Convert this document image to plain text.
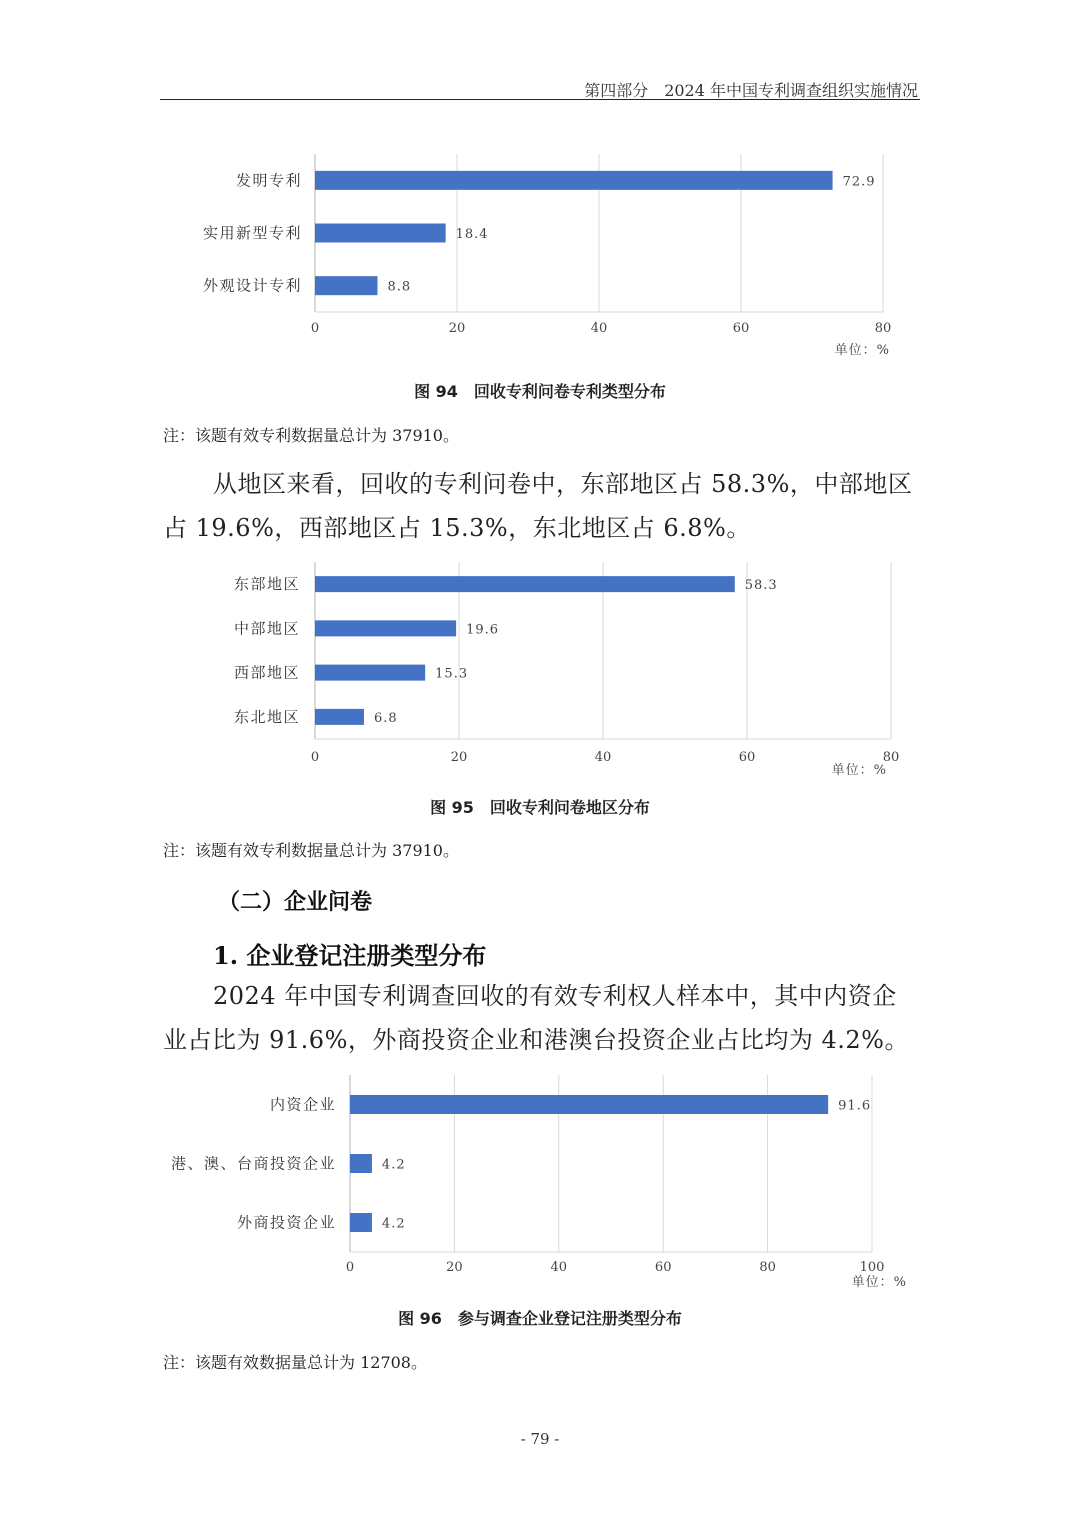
第四部分　2024 年中国专利调查组织实施情况
0	20	40	60	80
发明专利	72.9
实用新型专利	18.4
外观设计专利	8.8
单位：%
图 94　回收专利问卷专利类型分布
注：该题有效专利数据量总计为 37910。
从地区来看，回收的专利问卷中，东部地区占 58.3%，中部地区
占 19.6%，西部地区占 15.3%，东北地区占 6.8%。
0	20	40	60	80
东部地区	58.3
中部地区	19.6
西部地区	15.3
东北地区	6.8
单位：%
图 95　回收专利问卷地区分布
注：该题有效专利数据量总计为 37910。
（二）企业问卷
1. 企业登记注册类型分布
2024 年中国专利调查回收的有效专利权人样本中，其中内资企
业占比为 91.6%，外商投资企业和港澳台投资企业占比均为 4.2%。
0	20	40	60	80	100
内资企业	91.6
港、澳、台商投资企业	4.2
外商投资企业	4.2
单位：%
图 96　参与调查企业登记注册类型分布
注：该题有效数据量总计为 12708。
- 79 -
